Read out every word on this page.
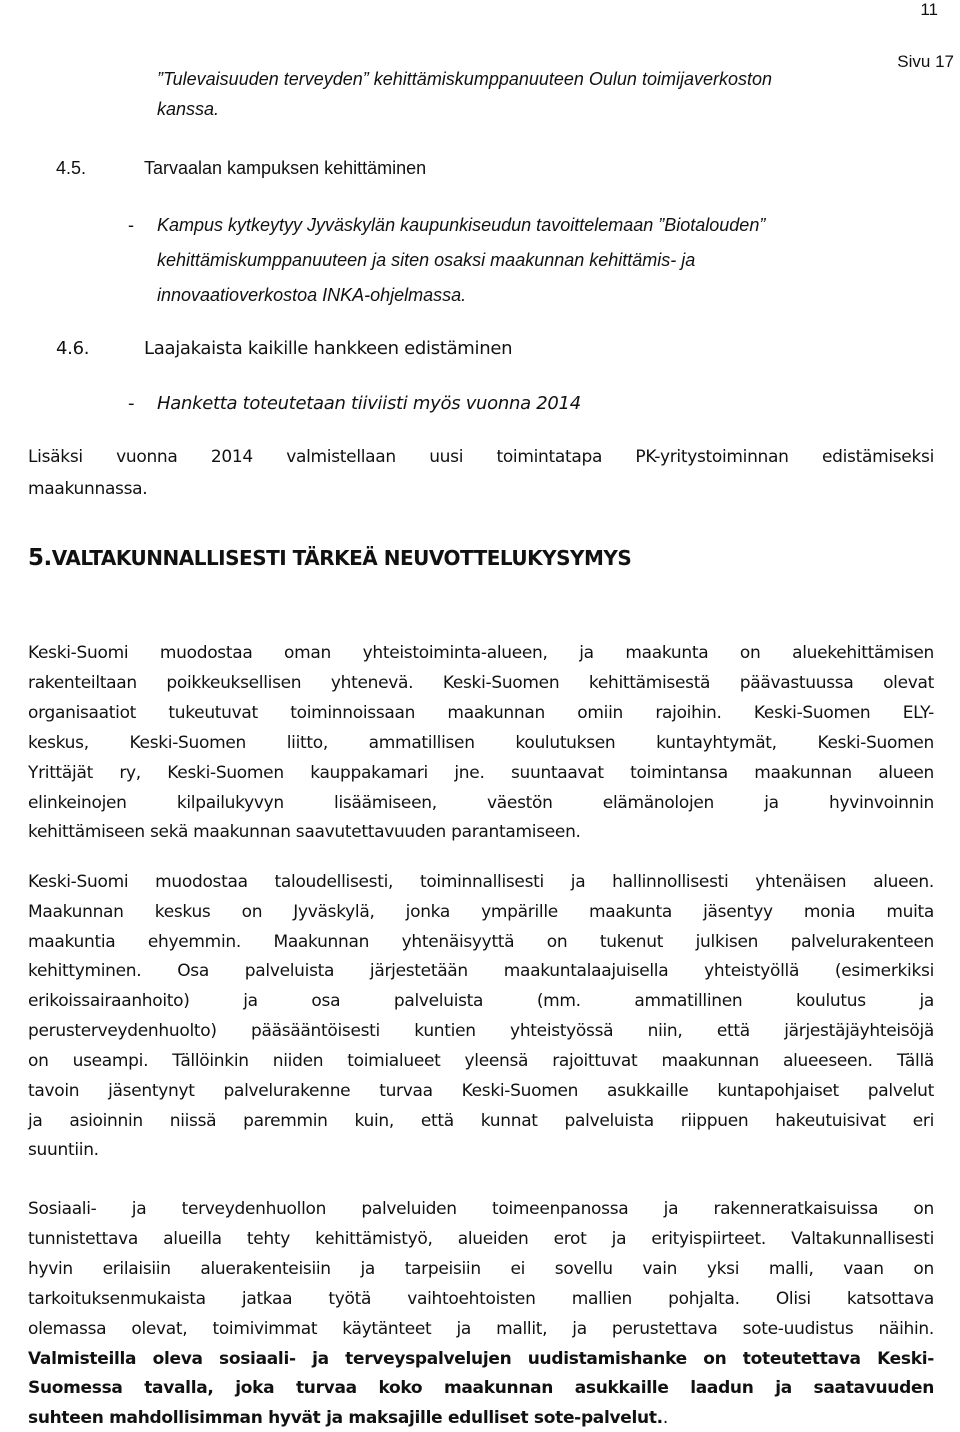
11
Sivu 17
”Tulevaisuuden terveyden” kehittämiskumppanuuteen Oulun toimijaverkoston
kanssa.
4.5.	Tarvaalan kampuksen kehittäminen
- Kampus kytkeytyy Jyväskylän kaupunkiseudun tavoittelemaan ”Biotalouden”
kehittämiskumppanuuteen ja siten osaksi maakunnan kehittämis- ja
innovaatioverkostoa INKA-ohjelmassa.
4.6.	Laajakaista kaikille hankkeen edistäminen
- Hanketta toteutetaan tiiviisti myös vuonna 2014
Lisäksi vuonna 2014 valmistellaan uusi toimintatapa PK-yritystoiminnan edistämiseksi
maakunnassa.
5.VALTAKUNNALLISESTI TÄRKEÄ NEUVOTTELUKYSYMYS
Keski-Suomi muodostaa oman yhteistoiminta-alueen, ja maakunta on aluekehittämisen
rakenteiltaan poikkeuksellisen yhtenevä. Keski-Suomen kehittämisestä päävastuussa olevat
organisaatiot tukeutuvat toiminnoissaan maakunnan omiin rajoihin. Keski-Suomen ELY-
keskus, Keski-Suomen liitto, ammatillisen koulutuksen kuntayhtymät, Keski-Suomen
Yrittäjät ry, Keski-Suomen kauppakamari jne. suuntaavat toimintansa maakunnan alueen
elinkeinojen kilpailukyvyn lisäämiseen, väestön elämänolojen ja hyvinvoinnin
kehittämiseen sekä maakunnan saavutettavuuden parantamiseen.
Keski-Suomi muodostaa taloudellisesti, toiminnallisesti ja hallinnollisesti yhtenäisen alueen.
Maakunnan keskus on Jyväskylä, jonka ympärille maakunta jäsentyy monia muita
maakuntia ehyemmin. Maakunnan yhtenäisyyttä on tukenut julkisen palvelurakenteen
kehittyminen. Osa palveluista järjestetään maakuntalaajuisella yhteistyöllä (esimerkiksi
erikoissairaanhoito) ja osa palveluista (mm. ammatillinen koulutus ja
perusterveydenhuolto) pääsääntöisesti kuntien yhteistyössä niin, että järjestäjäyhteisöjä
on useampi. Tällöinkin niiden toimialueet yleensä rajoittuvat maakunnan alueeseen. Tällä
tavoin jäsentynyt palvelurakenne turvaa Keski-Suomen asukkaille kuntapohjaiset palvelut
ja asioinnin niissä paremmin kuin, että kunnat palveluista riippuen hakeutuisivat eri
suuntiin.
Sosiaali- ja terveydenhuollon palveluiden toimeenpanossa ja rakenneratkaisuissa on
tunnistettava alueilla tehty kehittämistyö, alueiden erot ja erityispiirteet. Valtakunnallisesti
hyvin erilaisiin aluerakenteisiin ja tarpeisiin ei sovellu vain yksi malli, vaan on
tarkoituksenmukaista jatkaa työtä vaihtoehtoisten mallien pohjalta. Olisi katsottava
olemassa olevat, toimivimmat käytänteet ja mallit, ja perustettava sote-uudistus näihin.
Valmisteilla oleva sosiaali- ja terveyspalvelujen uudistamishanke on toteutettava Keski-
Suomessa tavalla, joka turvaa koko maakunnan asukkaille laadun ja saatavuuden
suhteen mahdollisimman hyvät ja maksajille edulliset sote-palvelut..
